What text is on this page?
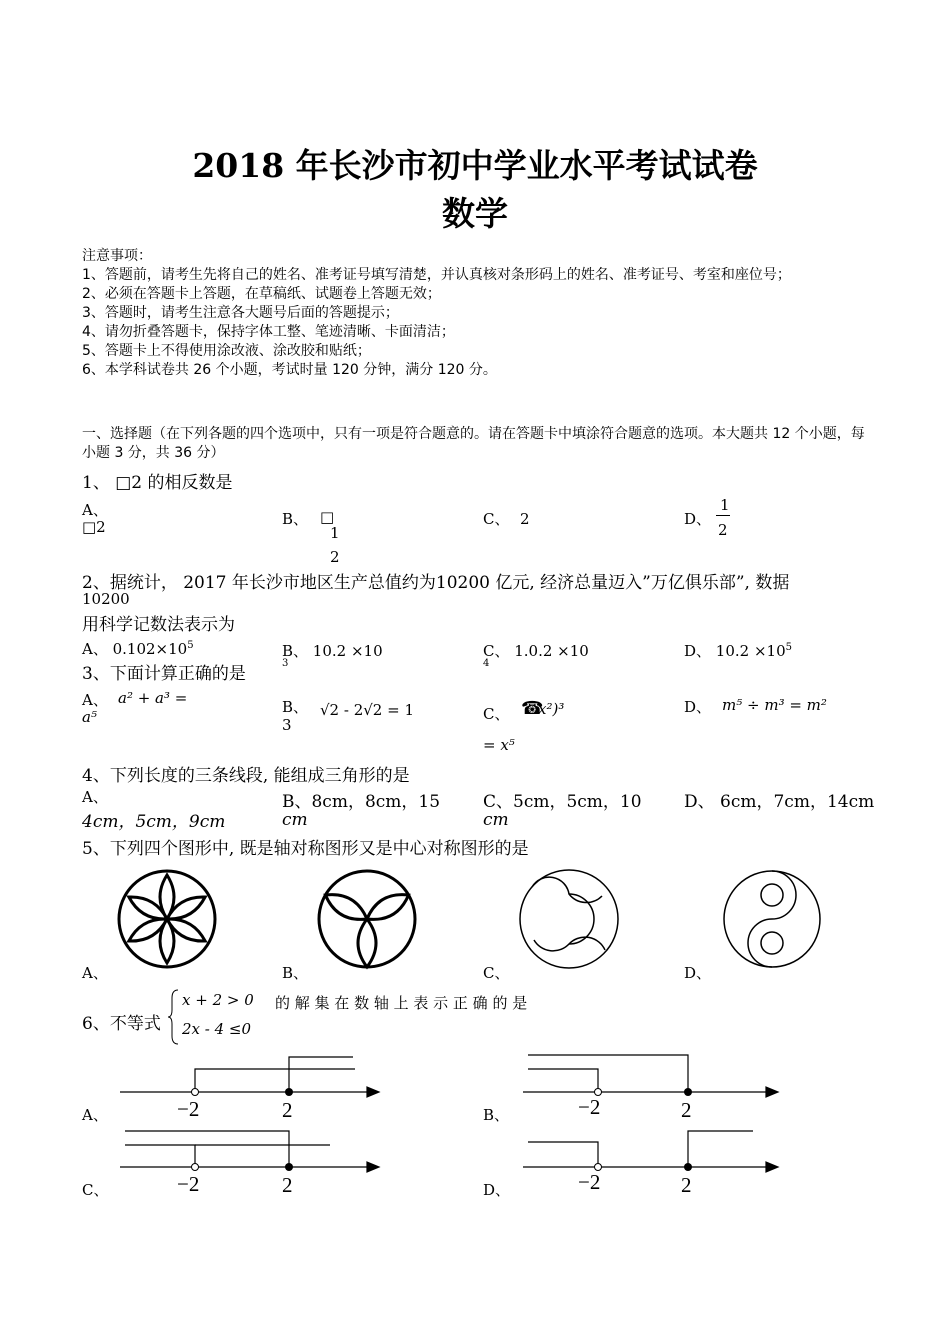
2018 年长沙市初中学业水平考试试卷
数学
注意事项：
1、答题前，请考生先将自己的姓名、准考证号填写清楚，并认真核对条形码上的姓名、准考证号、考室和座位号；
2、必须在答题卡上答题，在草稿纸、试题卷上答题无效；
3、答题时，请考生注意各大题号后面的答题提示；
4、请勿折叠答题卡，保持字体工整、笔迹清晰、卡面清洁；
5、答题卡上不得使用涂改液、涂改胶和贴纸；
6、本学科试卷共 26 个小题，考试时量 120 分钟，满分 120 分。
一、选择题（在下列各题的四个选项中，只有一项是符合题意的。请在答题卡中填涂符合题意的选项。本大题共 12 个小题，每小题 3 分，共 36 分）
1、 □2 的相反数是
A、
□2	B、 □
1
2
C、 2	D、
1
2
2、据统计， 2017 年长沙市地区生产总值约为10200 亿元, 经济总量迈入”万亿俱乐部”, 数据
10200
用科学记数法表示为
A、 $0.102\times 10^5$	B、 10.2 ×10
3
C、 1.0.2 ×10
4
D、 $10.2 \times 10^5$
3、下面计算正确的是
A、 a² + a³ =
a⁵
B、 √2 - 2√2 = 1
3
C、 ☎
x²)³
= x⁵
D、 m⁵ ÷ m³ = m²
4、下列长度的三条线段, 能组成三角形的是
A、
4cm，5cm，9cm
B、8cm，8cm，15
cm
C、5cm，5cm，10
cm
D、 6cm，7cm，14cm
5、下列四个图形中, 既是轴对称图形又是中心对称图形的是
A、	B、	C、	D、
6、不等式
x + 2 > 0
2x - 4 ≤0
的 解 集 在 数 轴 上 表 示 正 确 的 是
−2	2
A、	−2	2
B、
−2	2
C、	−2	2
D、
